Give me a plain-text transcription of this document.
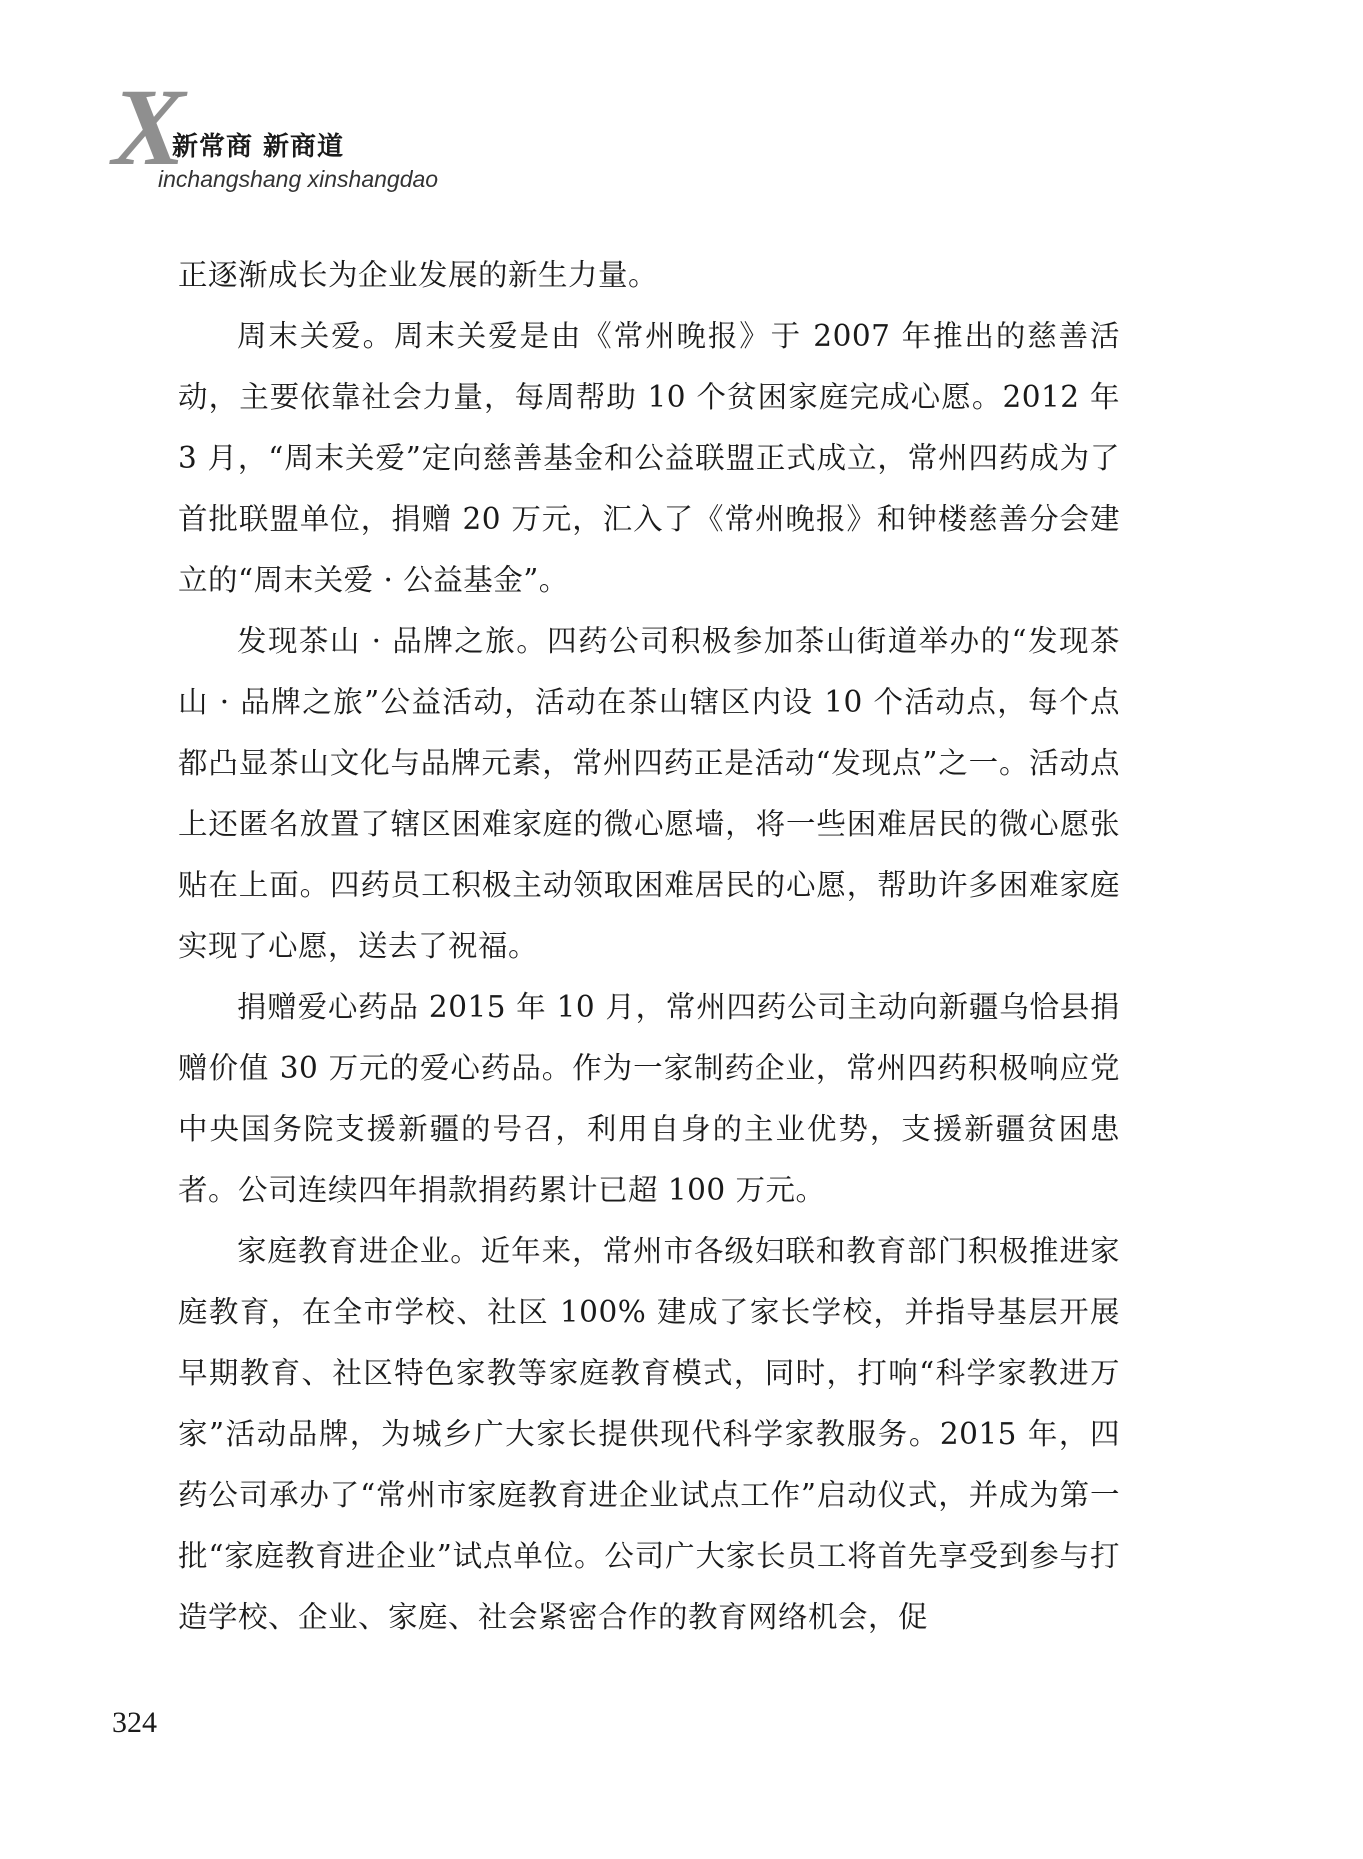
X
新常商 新商道
inchangshang xinshangdao

正逐渐成长为企业发展的新生力量。

周末关爱。周末关爱是由《常州晚报》于 2007 年推出的慈善活动，主要依靠社会力量，每周帮助 10 个贫困家庭完成心愿。2012 年 3 月，“周末关爱”定向慈善基金和公益联盟正式成立，常州四药成为了首批联盟单位，捐赠 20 万元，汇入了《常州晚报》和钟楼慈善分会建立的“周末关爱 · 公益基金”。

发现茶山 · 品牌之旅。四药公司积极参加茶山街道举办的“发现茶山 · 品牌之旅”公益活动，活动在茶山辖区内设 10 个活动点，每个点都凸显茶山文化与品牌元素，常州四药正是活动“发现点”之一。活动点上还匿名放置了辖区困难家庭的微心愿墙，将一些困难居民的微心愿张贴在上面。四药员工积极主动领取困难居民的心愿，帮助许多困难家庭实现了心愿，送去了祝福。

捐赠爱心药品 2015 年 10 月，常州四药公司主动向新疆乌恰县捐赠价值 30 万元的爱心药品。作为一家制药企业，常州四药积极响应党中央国务院支援新疆的号召，利用自身的主业优势，支援新疆贫困患者。公司连续四年捐款捐药累计已超 100 万元。

家庭教育进企业。近年来，常州市各级妇联和教育部门积极推进家庭教育，在全市学校、社区 100% 建成了家长学校，并指导基层开展早期教育、社区特色家教等家庭教育模式，同时，打响“科学家教进万家”活动品牌，为城乡广大家长提供现代科学家教服务。2015 年，四药公司承办了“常州市家庭教育进企业试点工作”启动仪式，并成为第一批“家庭教育进企业”试点单位。公司广大家长员工将首先享受到参与打造学校、企业、家庭、社会紧密合作的教育网络机会，促

324
